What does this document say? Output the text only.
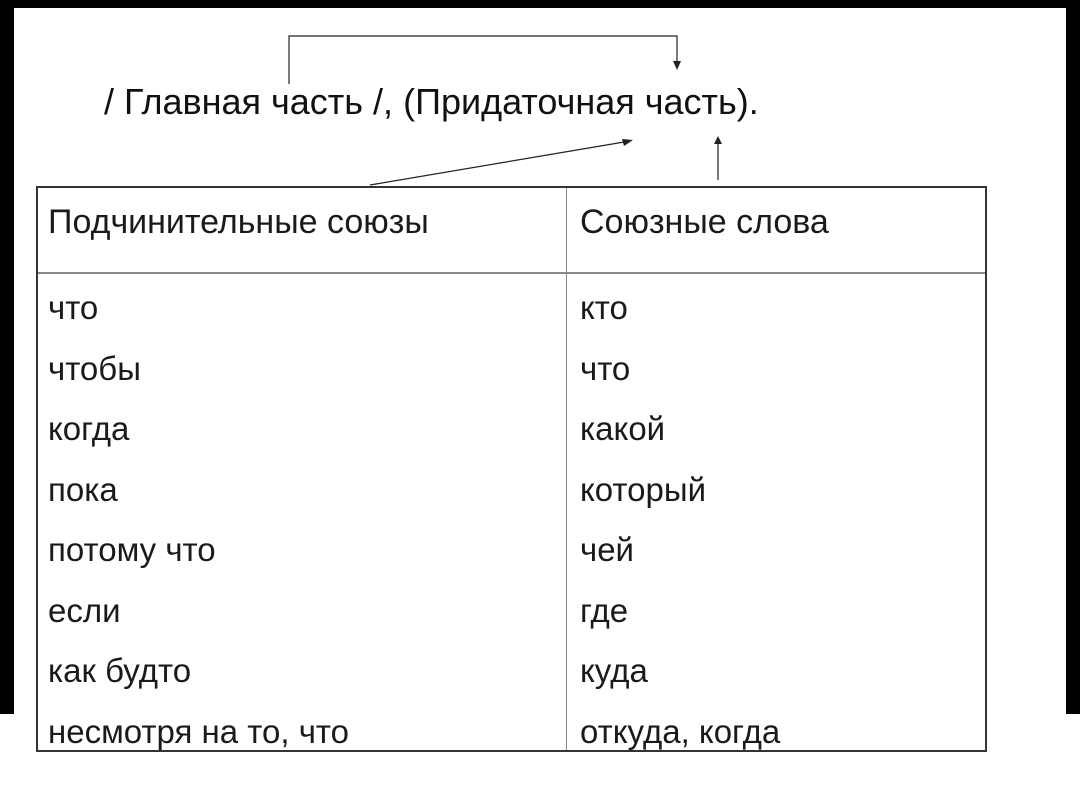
/ Главная часть /, (Придаточная часть).
Подчинительные союзы	Союзные слова
что
чтобы
когда
пока
потому что
если
как будто
несмотря на то, что
кто
что
какой
который
чей
где
куда
откуда, когда
